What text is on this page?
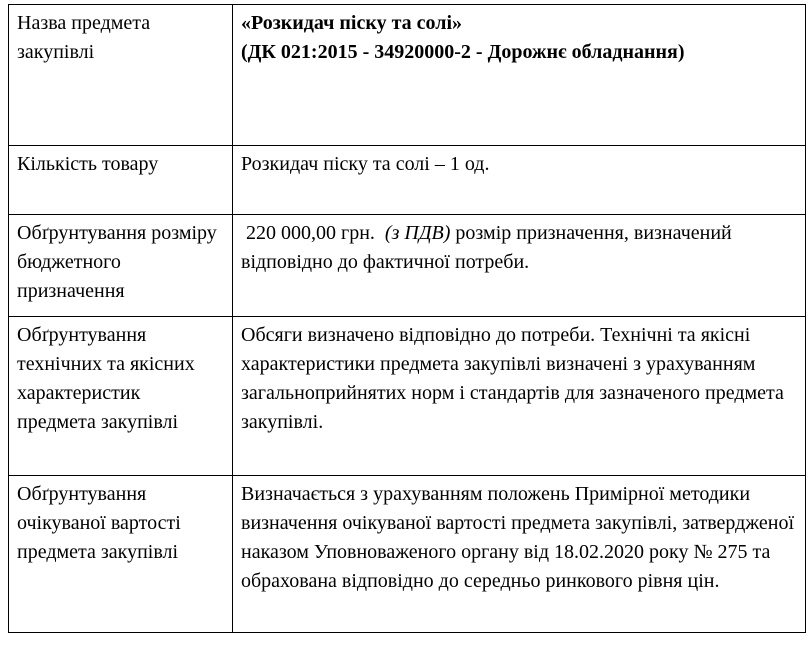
Назва предмета закупівлі	«Розкидач піску та солі»
(ДК 021:2015 - 34920000-2 - Дорожнє обладнання)

Кількість товару	Розкидач піску та солі – 1 од.
Обґрунтування розміру бюджетного призначення	220 000,00 грн.  (з ПДВ) розмір призначення, визначений відповідно до фактичної потреби.
Обґрунтування технічних та якісних характеристик предмета закупівлі	Обсяги визначено відповідно до потреби. Технічні та якісні характеристики предмета закупівлі визначені з урахуванням загальноприйнятих норм і стандартів для зазначеного предмета закупівлі.
Обґрунтування очікуваної вартості предмета закупівлі	Визначається з урахуванням положень Примірної методики визначення очікуваної вартості предмета закупівлі, затвердженої наказом Уповноваженого органу від 18.02.2020 року № 275 та обрахована відповідно до середньо ринкового рівня цін.
